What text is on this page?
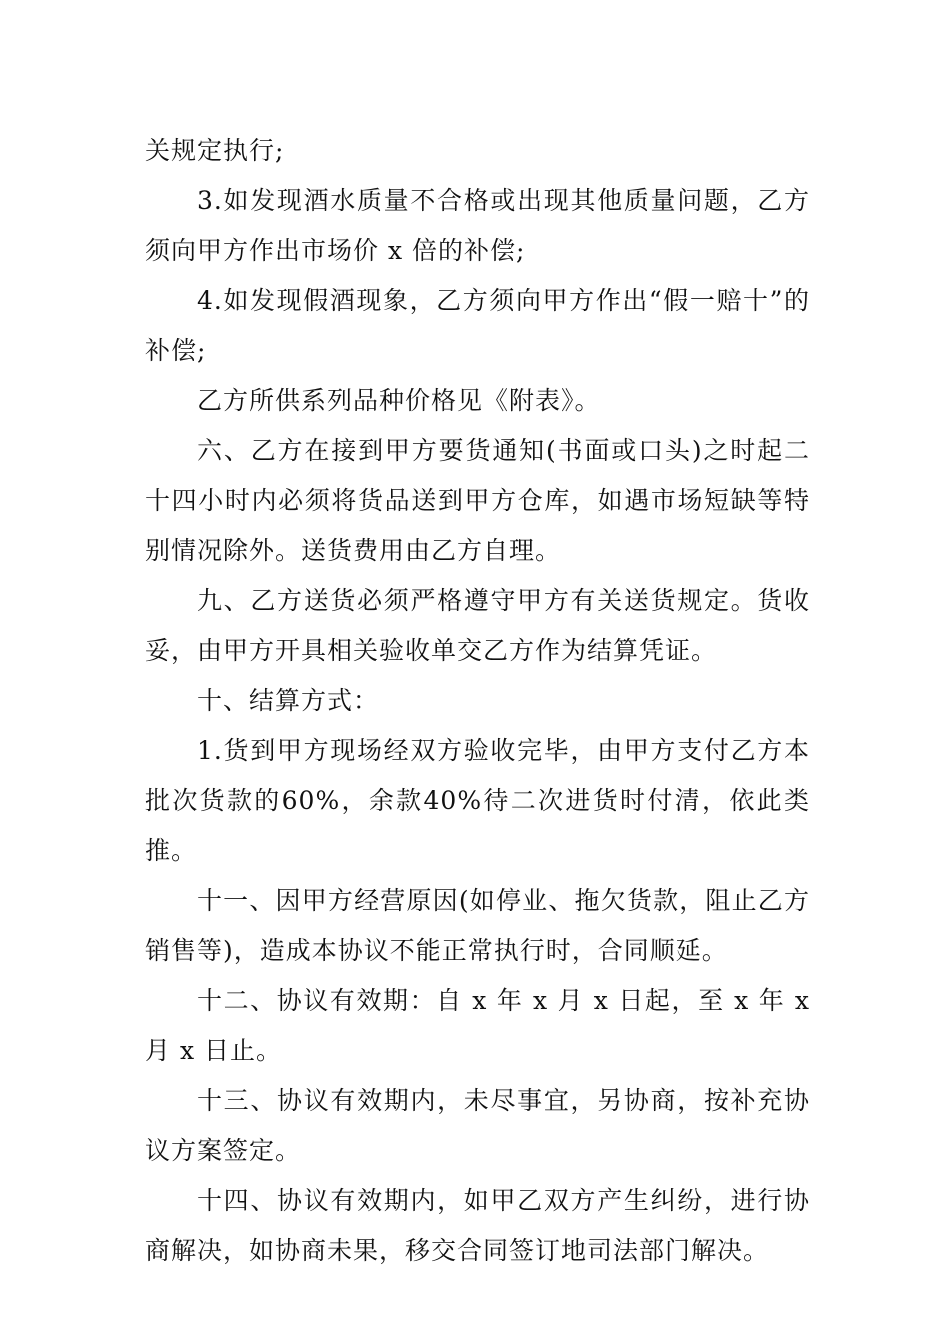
关规定执行;

3.如发现酒水质量不合格或出现其他质量问题，乙方须向甲方作出市场价 x 倍的补偿;

4.如发现假酒现象，乙方须向甲方作出“假一赔十”的补偿;

乙方所供系列品种价格见《附表》。

六、乙方在接到甲方要货通知(书面或口头)之时起二十四小时内必须将货品送到甲方仓库，如遇市场短缺等特别情况除外。送货费用由乙方自理。

九、乙方送货必须严格遵守甲方有关送货规定。货收妥，由甲方开具相关验收单交乙方作为结算凭证。

十、结算方式：

1.货到甲方现场经双方验收完毕，由甲方支付乙方本批次货款的60%，余款40%待二次进货时付清，依此类推。

十一、因甲方经营原因(如停业、拖欠货款，阻止乙方销售等)，造成本协议不能正常执行时，合同顺延。

十二、协议有效期：自 x 年 x 月 x 日起，至 x 年 x 月 x 日止。

十三、协议有效期内，未尽事宜，另协商，按补充协议方案签定。

十四、协议有效期内，如甲乙双方产生纠纷，进行协商解决，如协商未果，移交合同签订地司法部门解决。
